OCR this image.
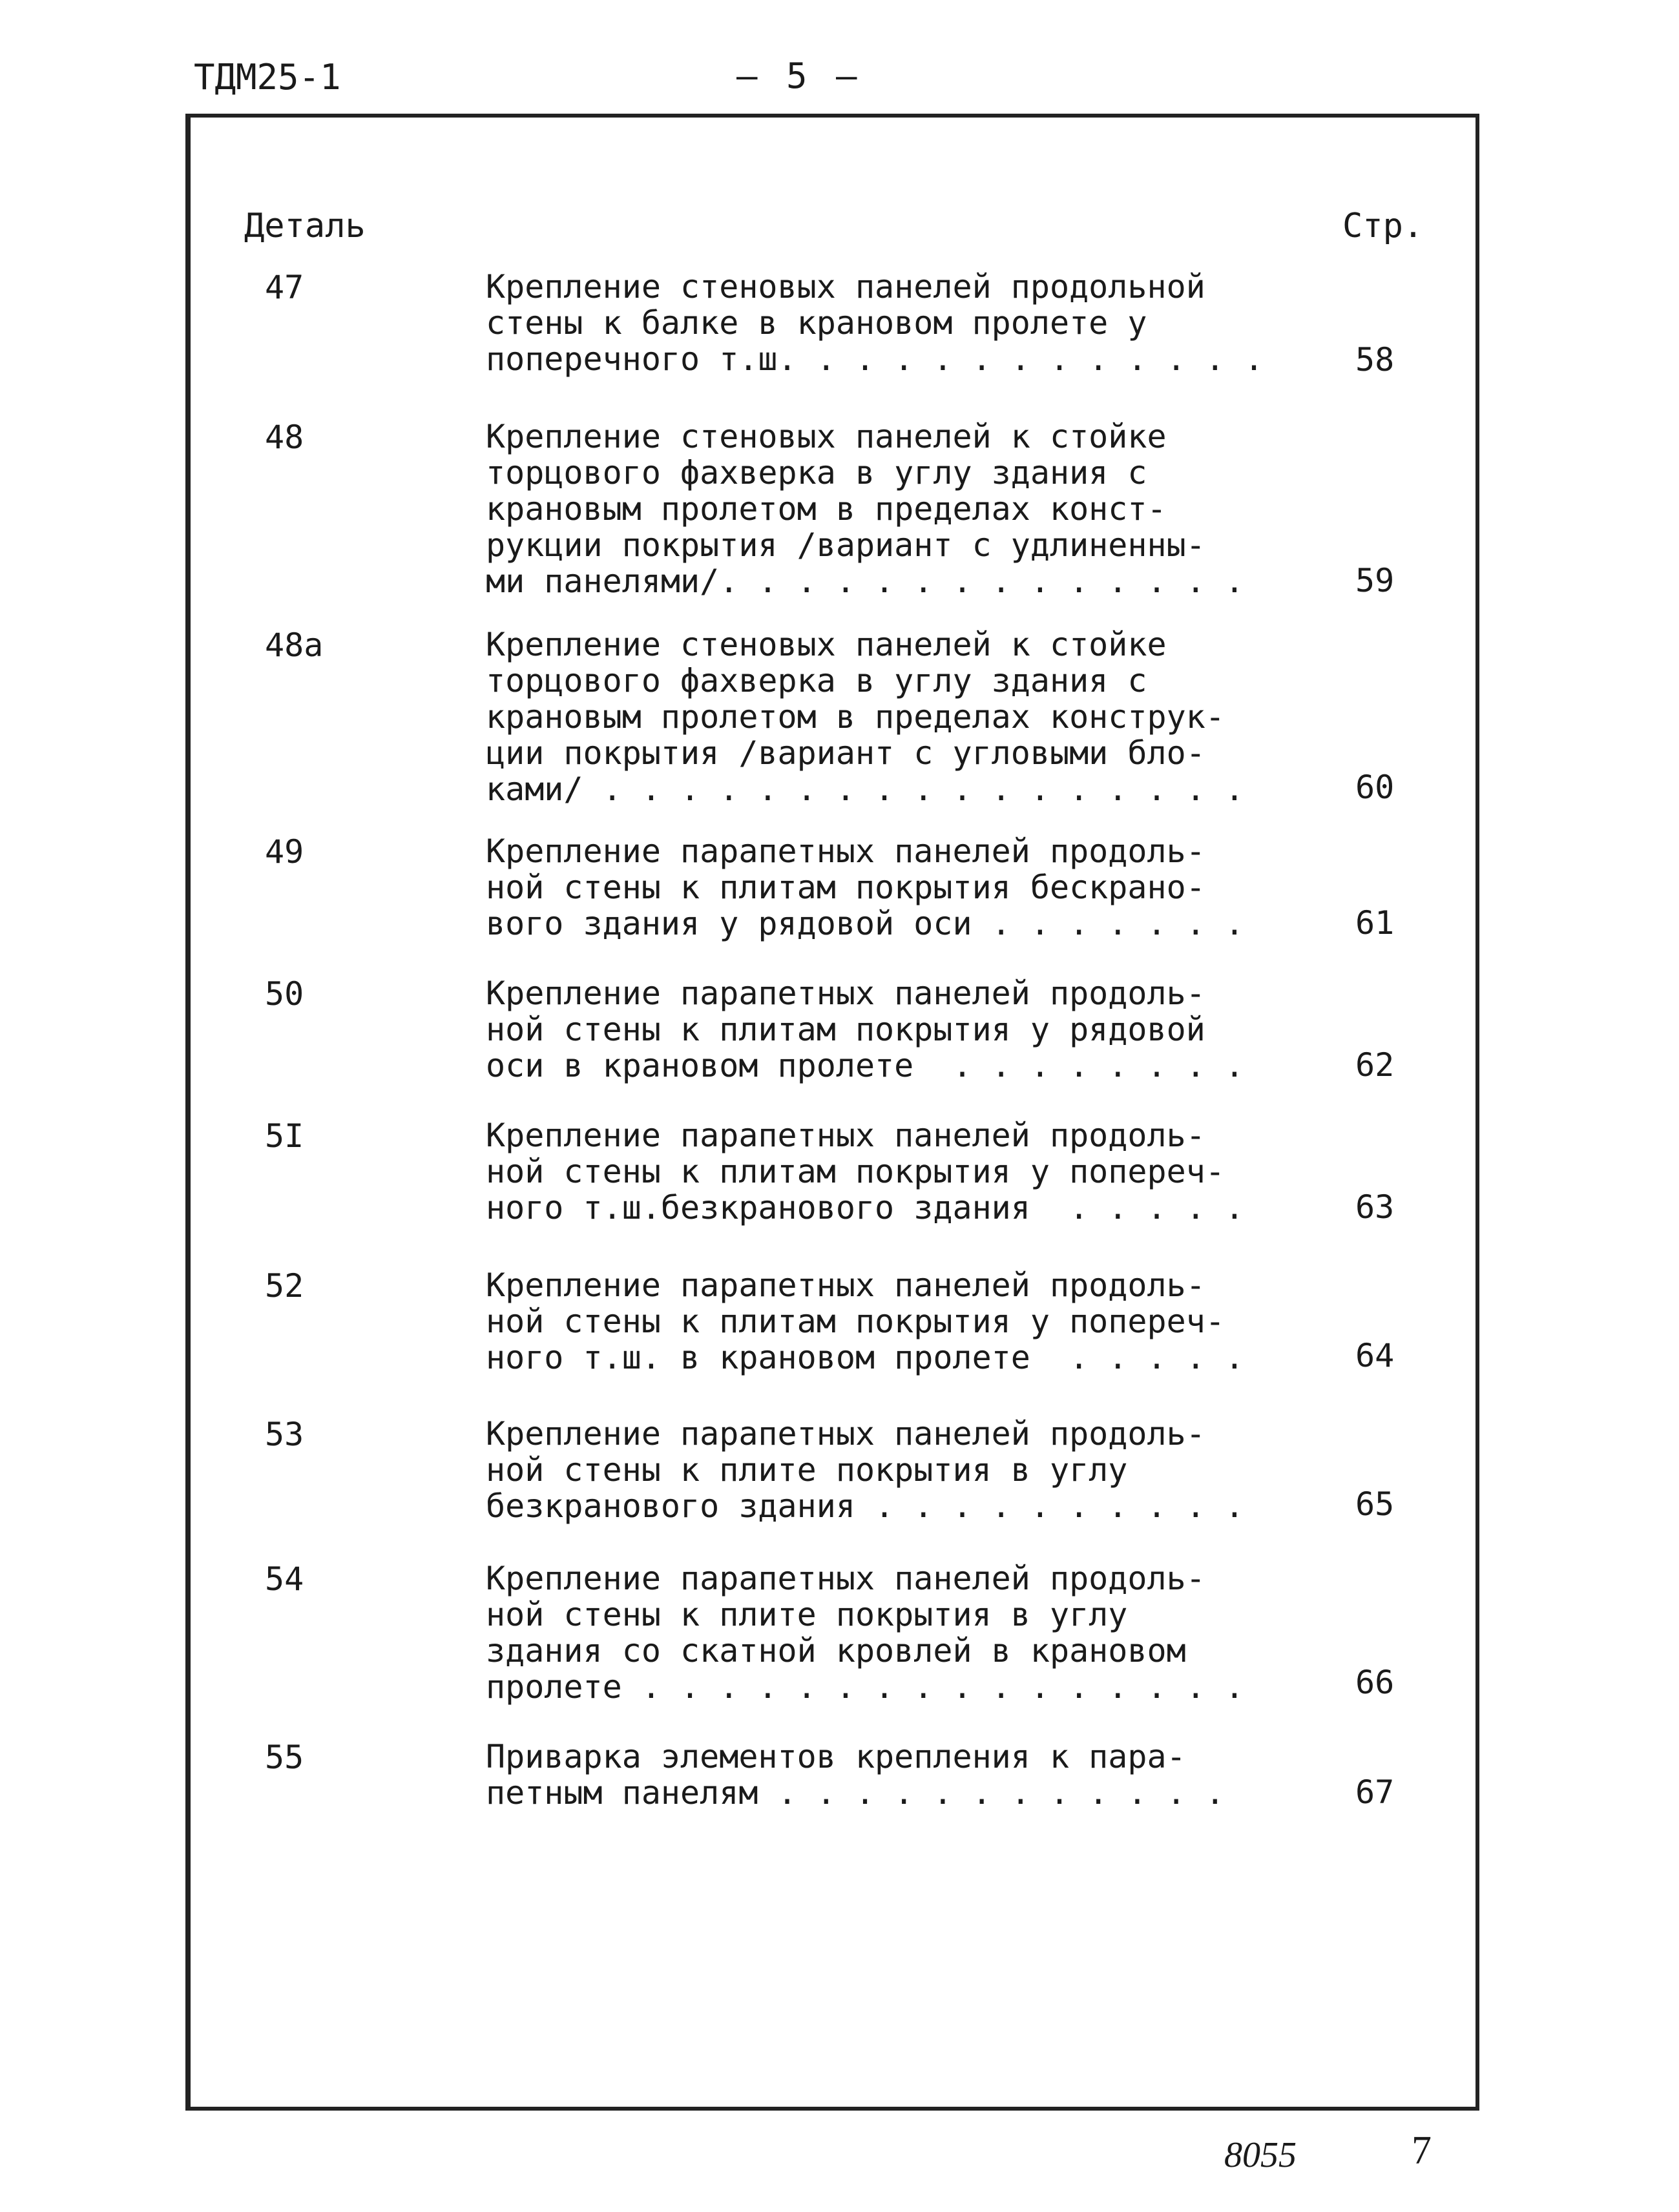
ТДМ25-1	— 5 —
Деталь	Стр.
47	Крепление стеновых панелей продольной
стены к балке в крановом пролете у
поперечного т.ш. . . . . . . . . . . . .	58
48	Крепление стеновых панелей к стойке
торцового фахверка в углу здания с
крановым пролетом в пределах конст-
рукции покрытия /вариант с удлиненны-
ми панелями/. . . . . . . . . . . . . .	59
48а	Крепление стеновых панелей к стойке
торцового фахверка в углу здания с
крановым пролетом в пределах конструк-
ции покрытия /вариант с угловыми бло-
ками/ . . . . . . . . . . . . . . . . .	60
49	Крепление парапетных панелей продоль-
ной стены к плитам покрытия бескрано-
вого здания у рядовой оси . . . . . . .	61
50	Крепление парапетных панелей продоль-
ной стены к плитам покрытия у рядовой
оси в крановом пролете  . . . . . . . .	62
5I	Крепление парапетных панелей продоль-
ной стены к плитам покрытия у попереч-
ного т.ш.безкранового здания  . . . . .	63
52	Крепление парапетных панелей продоль-
ной стены к плитам покрытия у попереч-
ного т.ш. в крановом пролете  . . . . .	64
53	Крепление парапетных панелей продоль-
ной стены к плите покрытия в углу
безкранового здания . . . . . . . . . .	65
54	Крепление парапетных панелей продоль-
ной стены к плите покрытия в углу
здания со скатной кровлей в крановом
пролете . . . . . . . . . . . . . . . .	66
55	Приварка элементов крепления к пара-
петным панелям . . . . . . . . . . . .	67
8055	7
